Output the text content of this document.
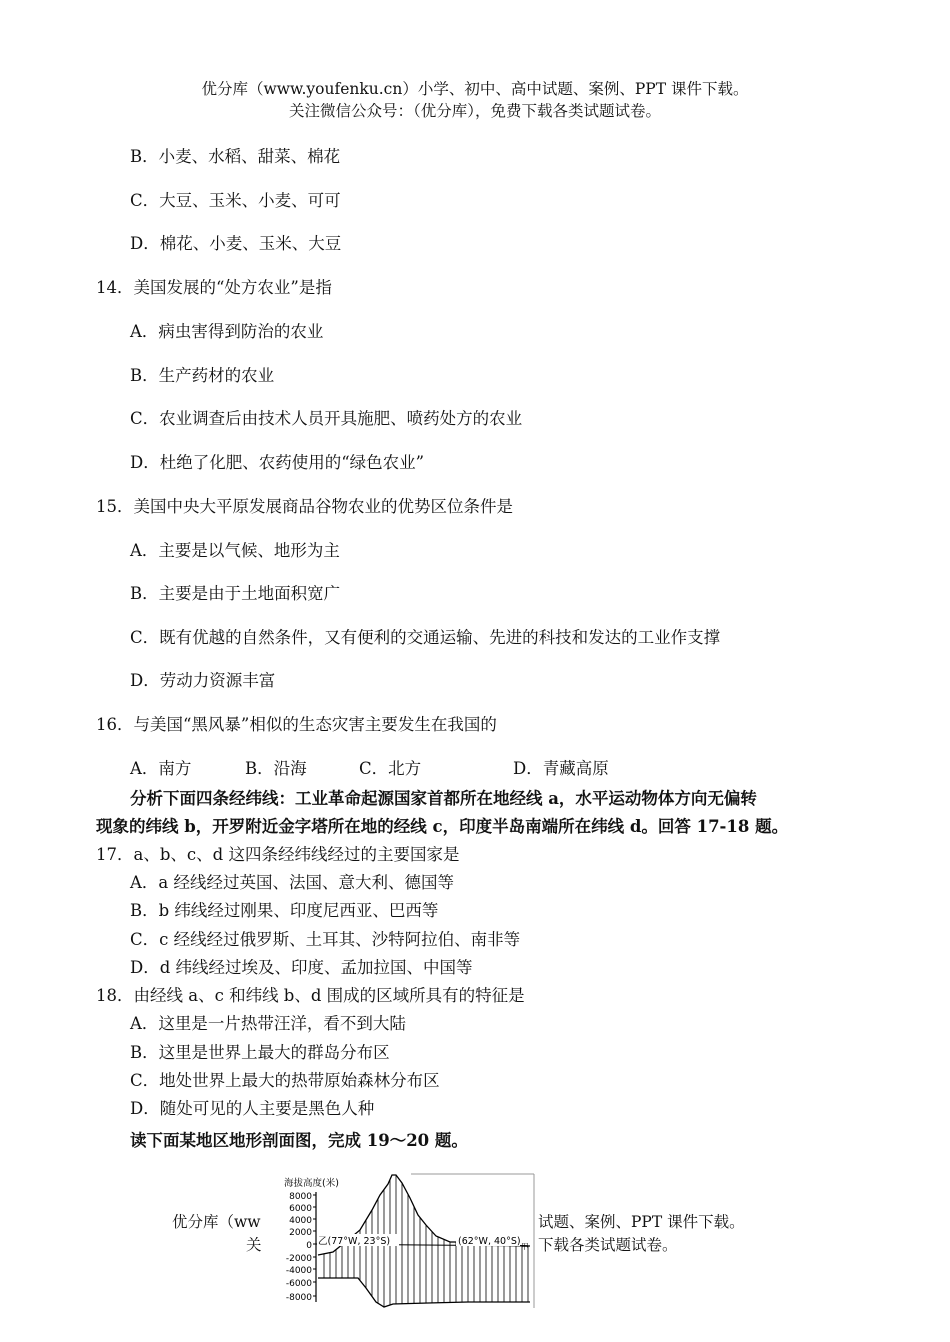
优分库（www.youfenku.cn）小学、初中、高中试题、案例、PPT 课件下载。
关注微信公众号：（优分库），免费下载各类试题试卷。
B．小麦、水稻、甜菜、棉花
C．大豆、玉米、小麦、可可
D．棉花、小麦、玉米、大豆
14．美国发展的“处方农业”是指
A．病虫害得到防治的农业
B．生产药材的农业
C．农业调查后由技术人员开具施肥、喷药处方的农业
D．杜绝了化肥、农药使用的“绿色农业”
15．美国中央大平原发展商品谷物农业的优势区位条件是
A．主要是以气候、地形为主
B．主要是由于土地面积宽广
C．既有优越的自然条件，又有便利的交通运输、先进的科技和发达的工业作支撑
D．劳动力资源丰富
16．与美国“黑风暴”相似的生态灾害主要发生在我国的
A．南方	B．沿海	C．北方	D．青藏高原
分析下面四条经纬线：工业革命起源国家首都所在地经线 a，水平运动物体方向无偏转
现象的纬线 b，开罗附近金字塔所在地的经线 c，印度半岛南端所在纬线 d。回答 17-18 题。
17．a、b、c、d 这四条经纬线经过的主要国家是
A．a 经线经过英国、法国、意大利、德国等
B．b 纬线经过刚果、印度尼西亚、巴西等
C．c 经线经过俄罗斯、土耳其、沙特阿拉伯、南非等
D．d 纬线经过埃及、印度、孟加拉国、中国等
18．由经线 a、c 和纬线 b、d 围成的区域所具有的特征是
A．这里是一片热带汪洋，看不到大陆
B．这里是世界上最大的群岛分布区
C．地处世界上最大的热带原始森林分布区
D．随处可见的人主要是黑色人种
读下面某地区地形剖面图，完成 19～20 题。
优分库（ww	试题、案例、PPT 课件下载。
关	下载各类试题试卷。
海拔高度(米)
8000
6000
4000
2000
0
-2000
-4000
-6000
-8000
乙(77°W, 23°S)	(62°W, 40°S) 甲
